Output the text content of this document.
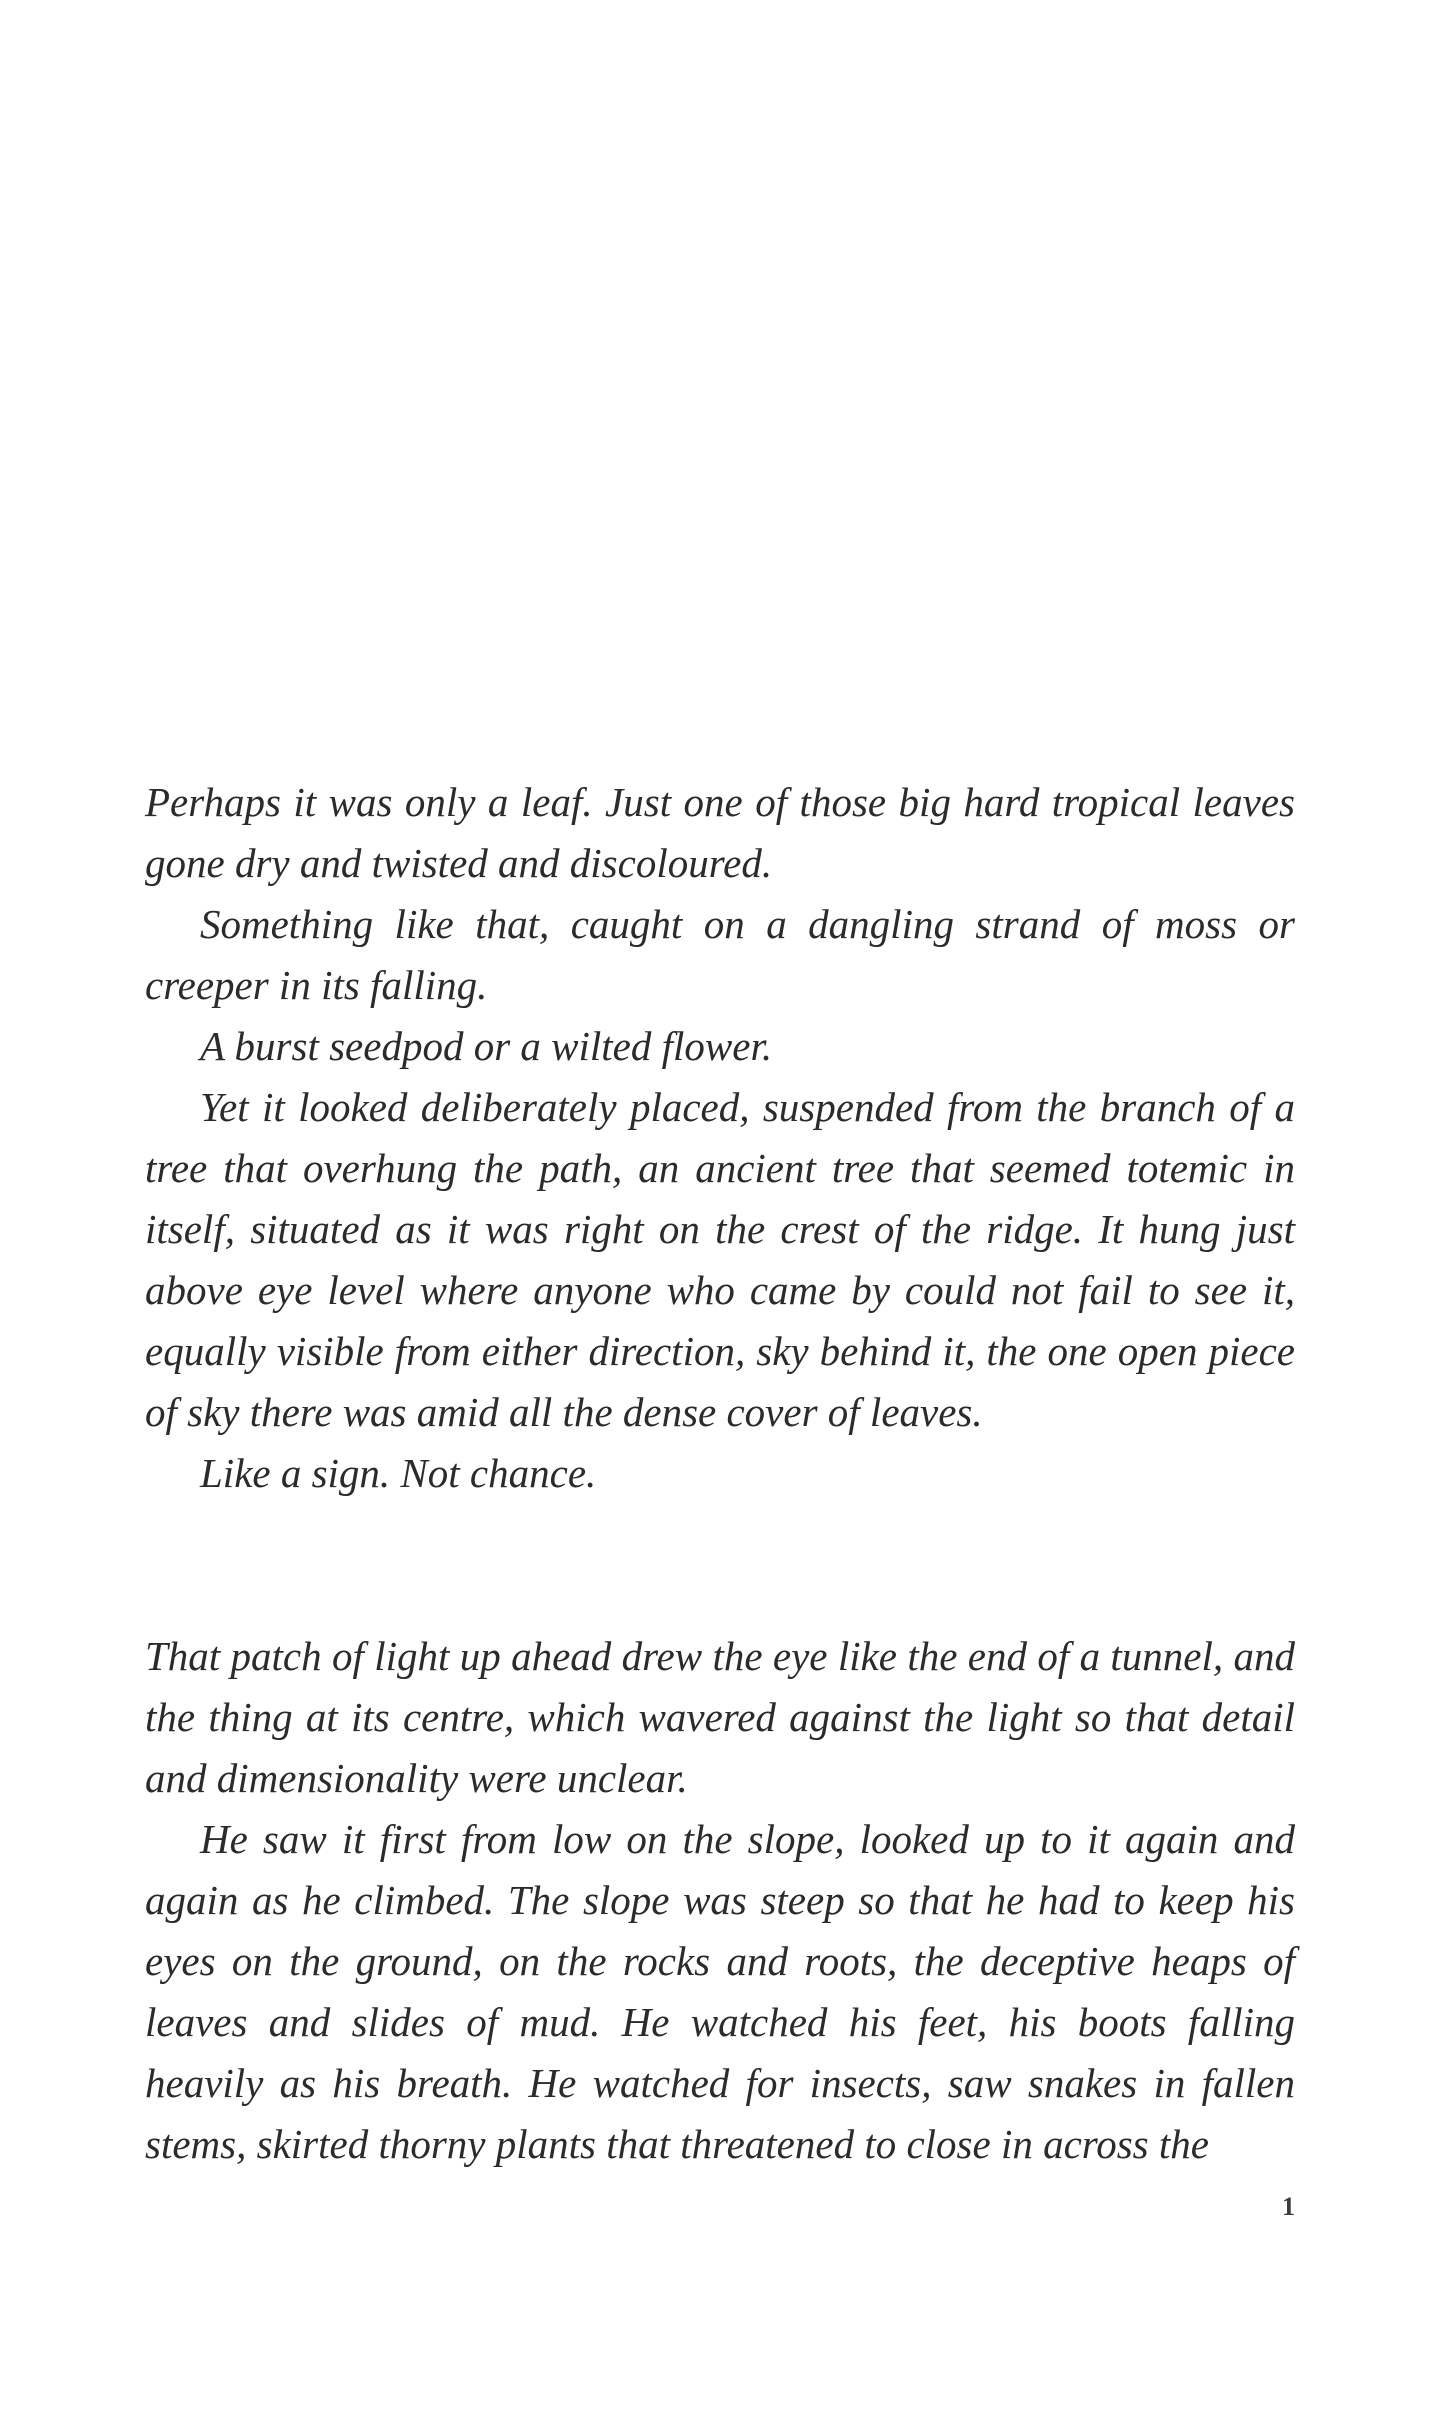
Perhaps it was only a leaf. Just one of those big hard tropical leaves gone dry and twisted and discoloured.

Something like that, caught on a dangling strand of moss or creeper in its falling.

A burst seedpod or a wilted flower.

Yet it looked deliberately placed, suspended from the branch of a tree that overhung the path, an ancient tree that seemed totemic in itself, situated as it was right on the crest of the ridge. It hung just above eye level where anyone who came by could not fail to see it, equally visible from either direction, sky behind it, the one open piece of sky there was amid all the dense cover of leaves.

Like a sign. Not chance.

That patch of light up ahead drew the eye like the end of a tunnel, and the thing at its centre, which wavered against the light so that detail and dimensionality were unclear.

He saw it first from low on the slope, looked up to it again and again as he climbed. The slope was steep so that he had to keep his eyes on the ground, on the rocks and roots, the deceptive heaps of leaves and slides of mud. He watched his feet, his boots falling heavily as his breath. He watched for insects, saw snakes in fallen stems, skirted thorny plants that threatened to close in across the

1
